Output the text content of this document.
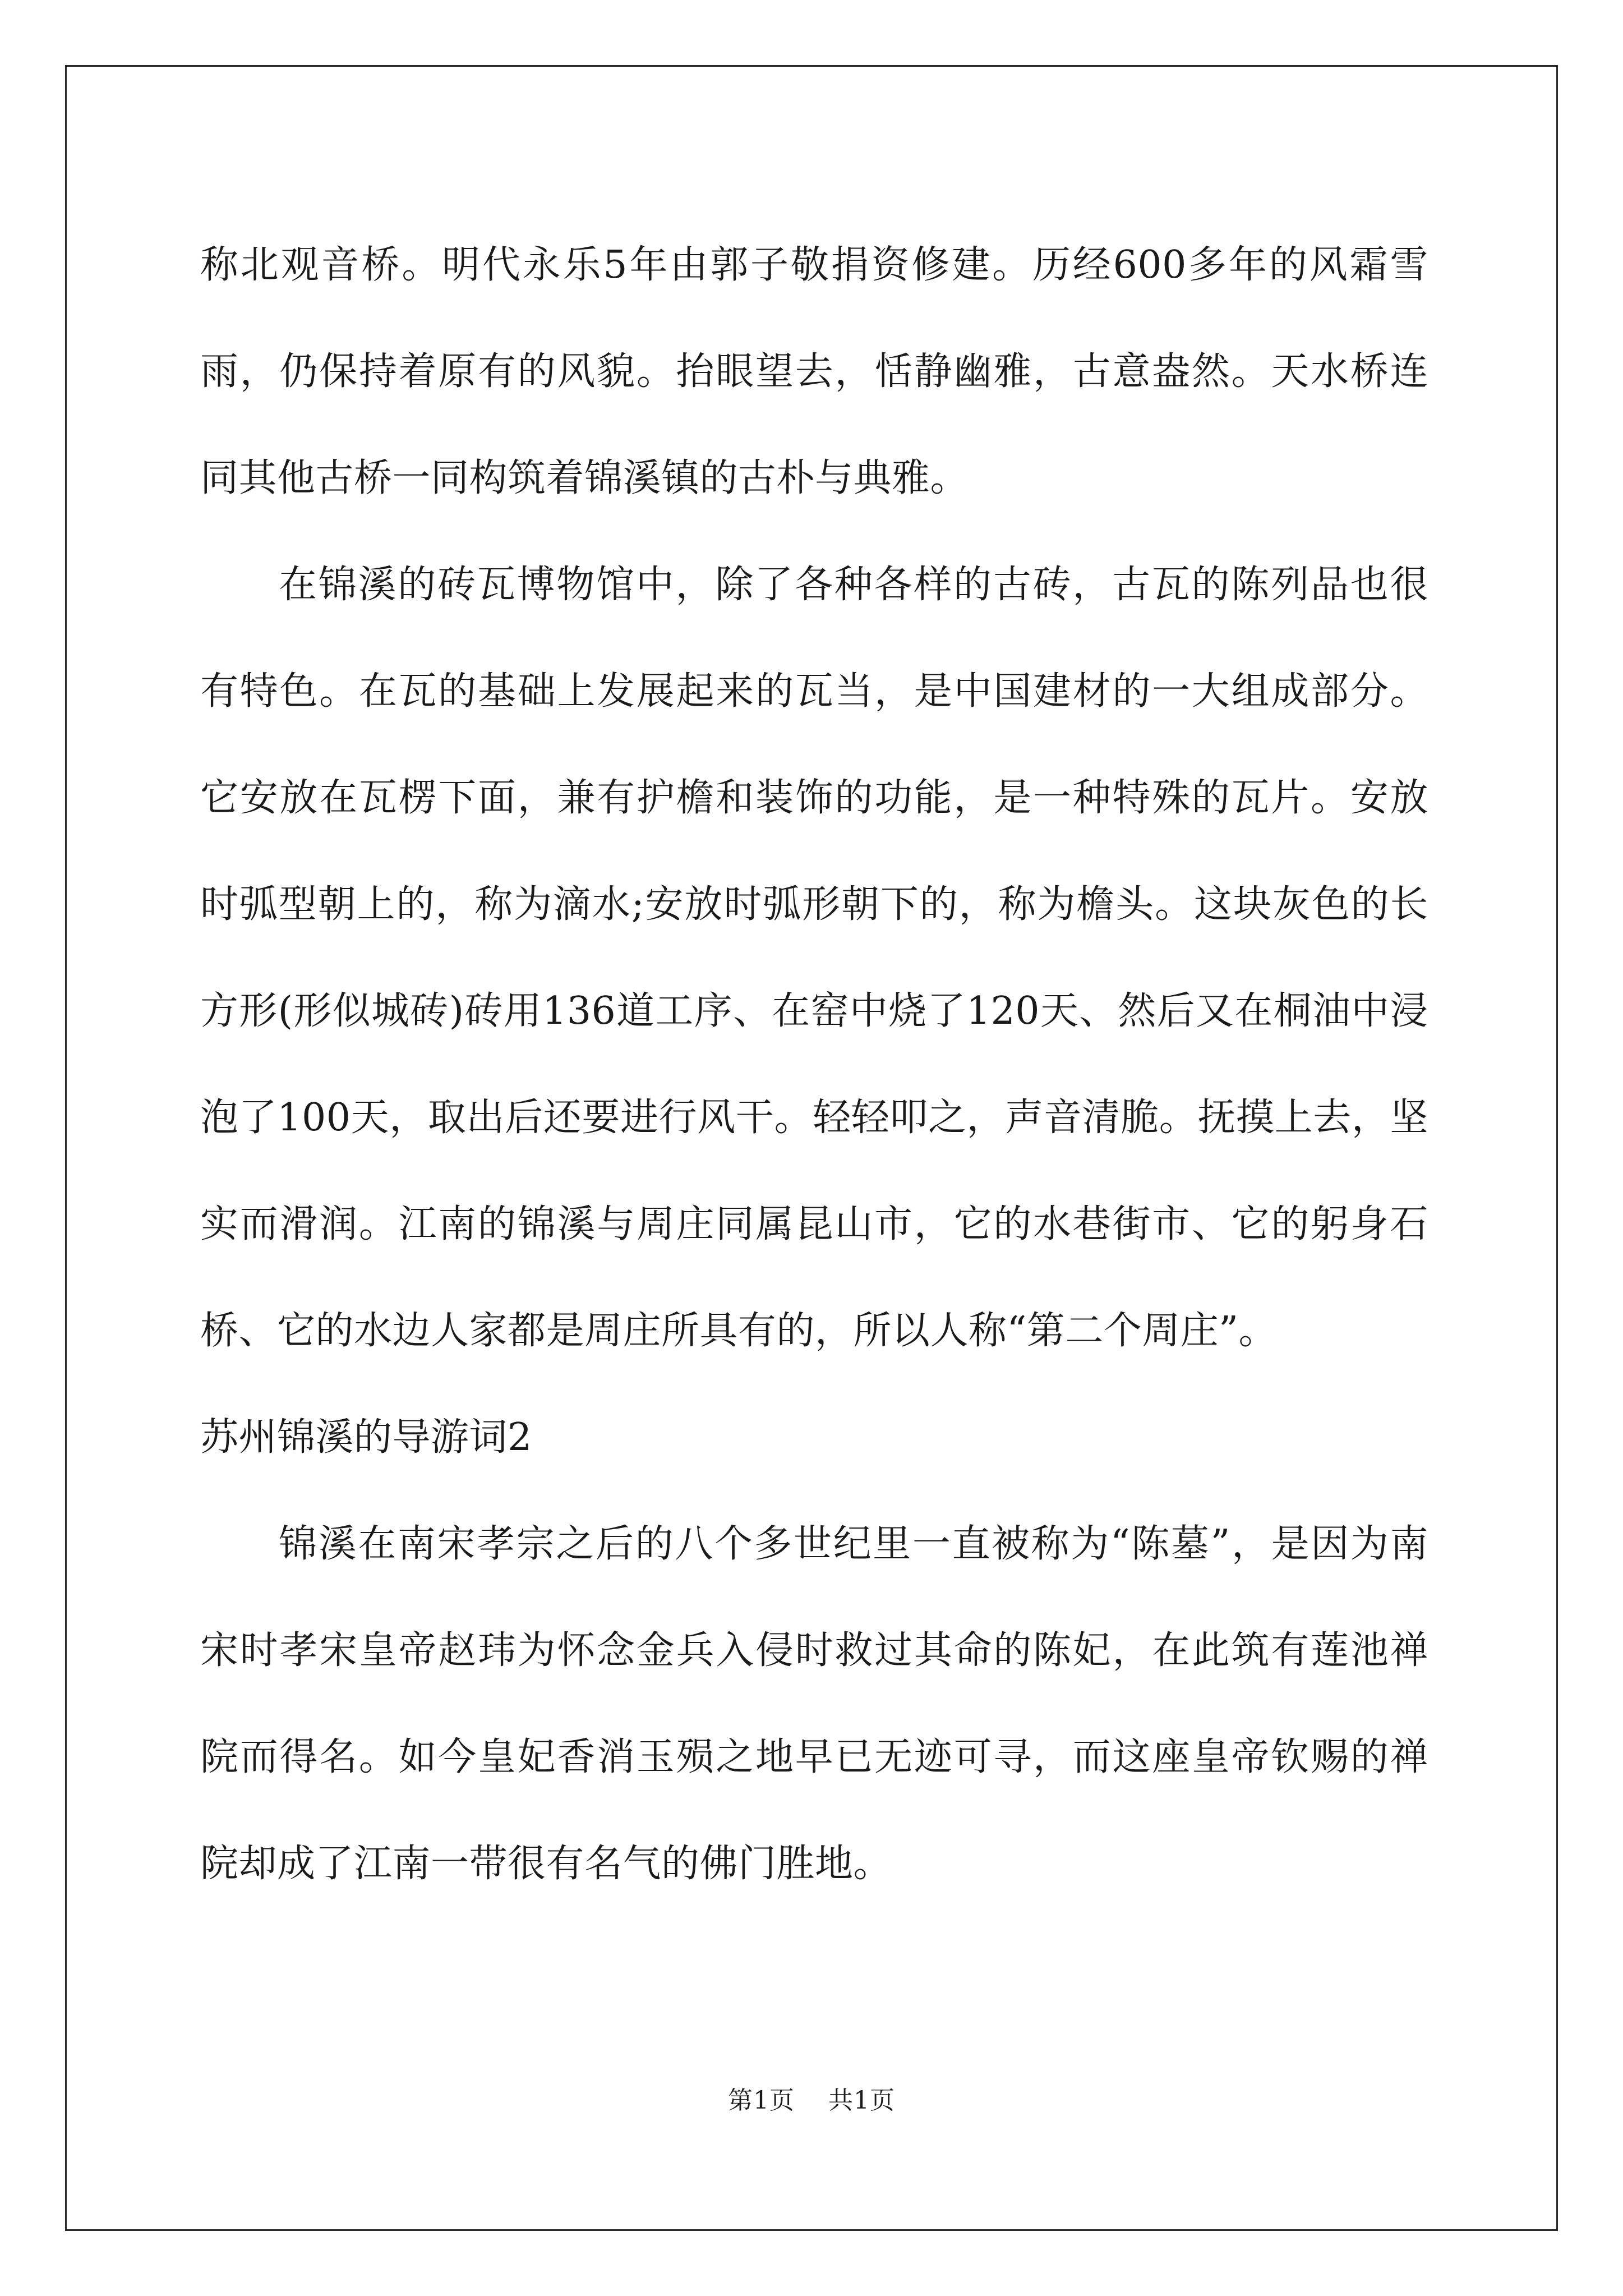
称北观音桥。明代永乐5年由郭子敬捐资修建。历经600多年的风霜雪雨，仍保持着原有的风貌。抬眼望去，恬静幽雅，古意盎然。天水桥连同其他古桥一同构筑着锦溪镇的古朴与典雅。

在锦溪的砖瓦博物馆中，除了各种各样的古砖，古瓦的陈列品也很有特色。在瓦的基础上发展起来的瓦当，是中国建材的一大组成部分。它安放在瓦楞下面，兼有护檐和装饰的功能，是一种特殊的瓦片。安放时弧型朝上的，称为滴水;安放时弧形朝下的，称为檐头。这块灰色的长方形(形似城砖)砖用136道工序、在窑中烧了120天、然后又在桐油中浸泡了100天，取出后还要进行风干。轻轻叩之，声音清脆。抚摸上去，坚实而滑润。江南的锦溪与周庄同属昆山市，它的水巷街市、它的躬身石桥、它的水边人家都是周庄所具有的，所以人称“第二个周庄”。

苏州锦溪的导游词2

锦溪在南宋孝宗之后的八个多世纪里一直被称为“陈墓”，是因为南宋时孝宋皇帝赵玮为怀念金兵入侵时救过其命的陈妃，在此筑有莲池禅院而得名。如今皇妃香消玉殒之地早已无迹可寻，而这座皇帝钦赐的禅院却成了江南一带很有名气的佛门胜地。

第1页 共1页
